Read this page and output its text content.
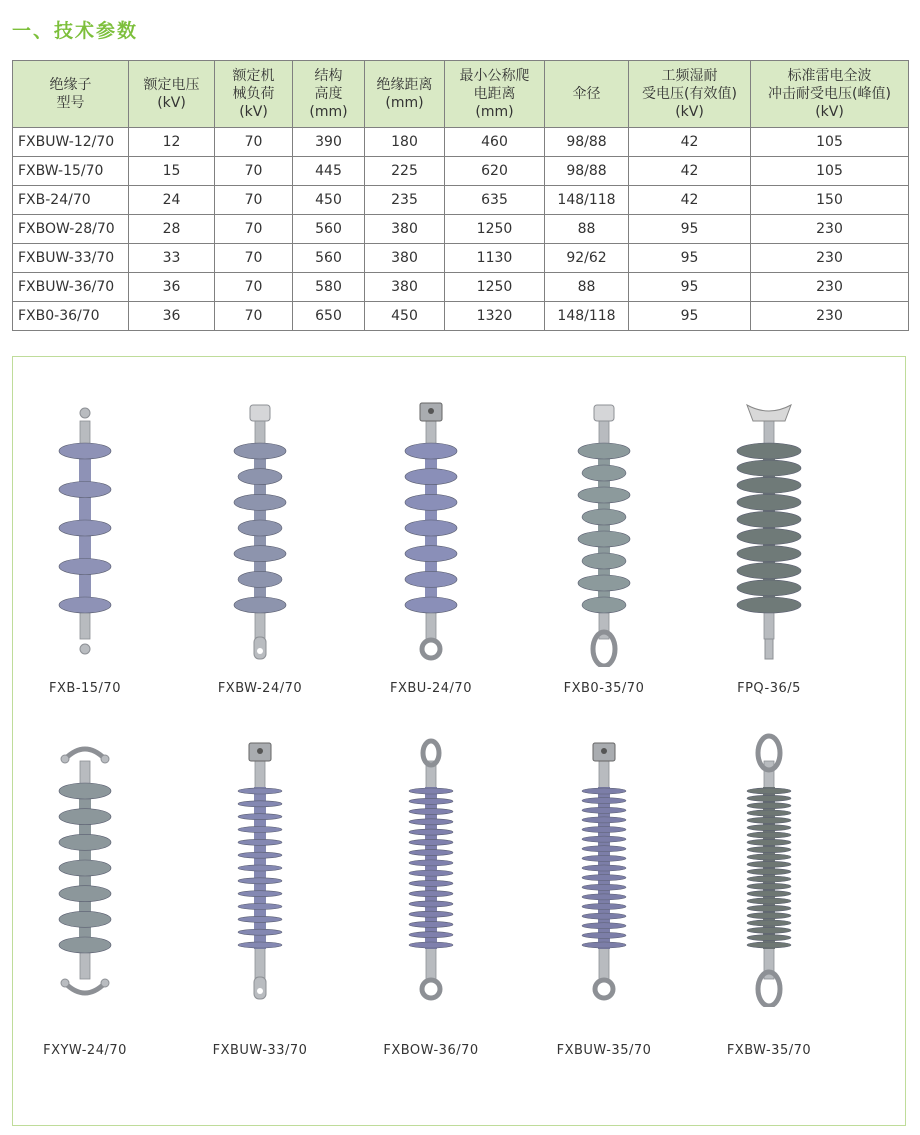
一、技术参数
绝缘子
型号	额定电压
(kV)	额定机
械负荷
(kV)	结构
高度
(mm)	绝缘距离
(mm)	最小公称爬
电距离
(mm)	伞径	工频湿耐
受电压(有效值)
(kV)	标准雷电全波
冲击耐受电压(峰值)
(kV)
FXBUW-12/70	12	70	390	180	460	98/88	42	105
FXBW-15/70	15	70	445	225	620	98/88	42	105
FXB-24/70	24	70	450	235	635	148/118	42	150
FXBOW-28/70	28	70	560	380	1250	88	95	230
FXBUW-33/70	33	70	560	380	1130	92/62	95	230
FXBUW-36/70	36	70	580	380	1250	88	95	230
FXB0-36/70	36	70	650	450	1320	148/118	95	230
FXB-15/70	FXBW-24/70	FXBU-24/70	FXB0-35/70	FPQ-36/5
FXYW-24/70	FXBUW-33/70	FXBOW-36/70	FXBUW-35/70	FXBW-35/70
